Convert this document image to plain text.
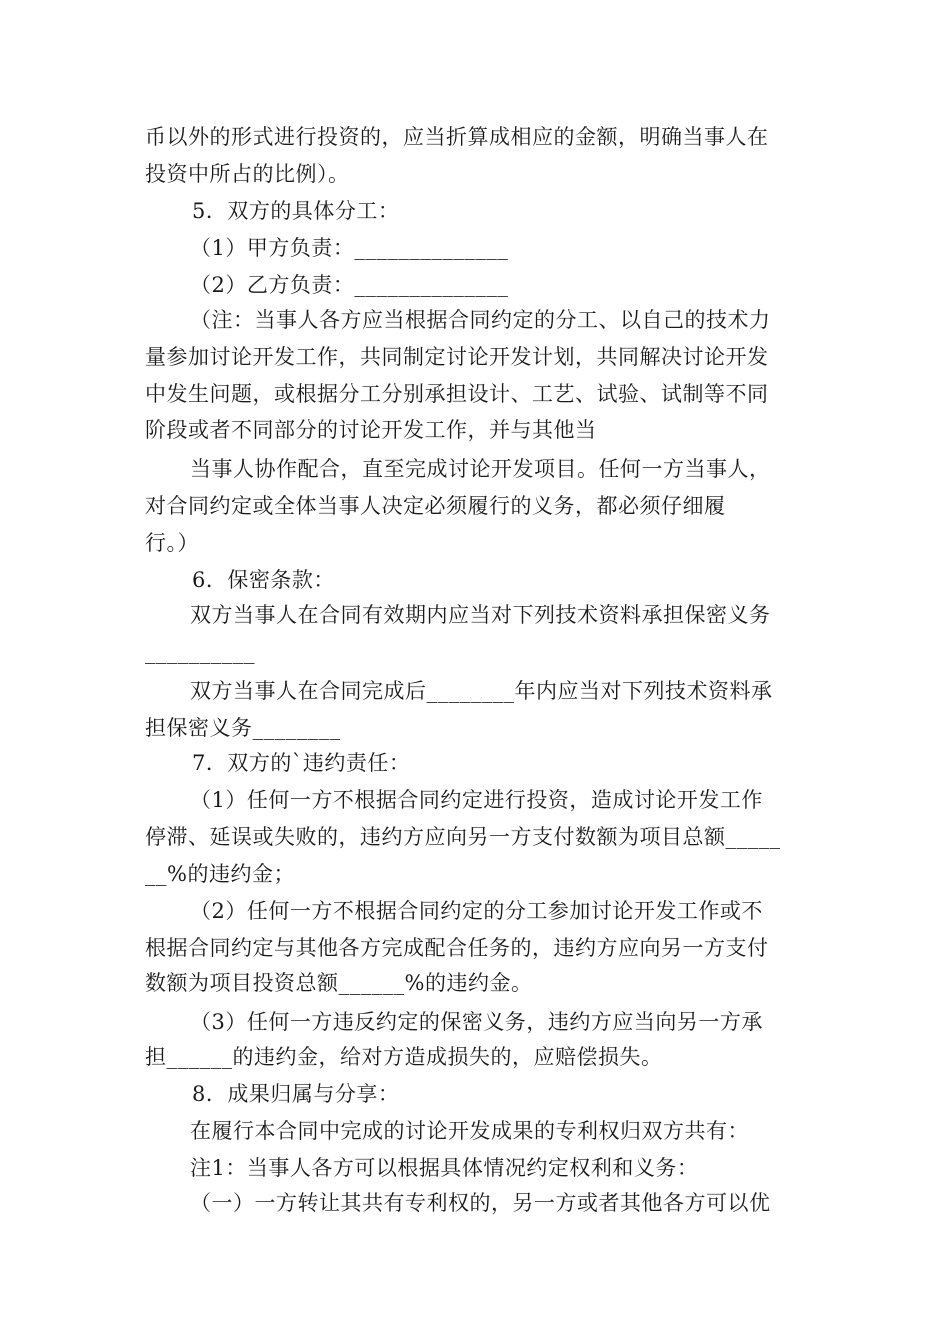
币以外的形式进行投资的，应当折算成相应的金额，明确当事人在
投资中所占的比例）。
5．双方的具体分工：
（1）甲方负责：______________
（2）乙方负责：______________
（注：当事人各方应当根据合同约定的分工、以自己的技术力
量参加讨论开发工作，共同制定讨论开发计划，共同解决讨论开发
中发生问题，或根据分工分别承担设计、工艺、试验、试制等不同
阶段或者不同部分的讨论开发工作，并与其他当
当事人协作配合，直至完成讨论开发项目。任何一方当事人，
对合同约定或全体当事人决定必须履行的义务，都必须仔细履
行。）
6．保密条款：
双方当事人在合同有效期内应当对下列技术资料承担保密义务
__________
双方当事人在合同完成后________年内应当对下列技术资料承
担保密义务________
7．双方的`违约责任：
（1）任何一方不根据合同约定进行投资，造成讨论开发工作
停滞、延误或失败的，违约方应向另一方支付数额为项目总额_____
__%的违约金；
（2）任何一方不根据合同约定的分工参加讨论开发工作或不
根据合同约定与其他各方完成配合任务的，违约方应向另一方支付
数额为项目投资总额______%的违约金。
（3）任何一方违反约定的保密义务，违约方应当向另一方承
担______的违约金，给对方造成损失的，应赔偿损失。
8．成果归属与分享：
在履行本合同中完成的讨论开发成果的专利权归双方共有：
注1：当事人各方可以根据具体情况约定权利和义务：
（一）一方转让其共有专利权的，另一方或者其他各方可以优
